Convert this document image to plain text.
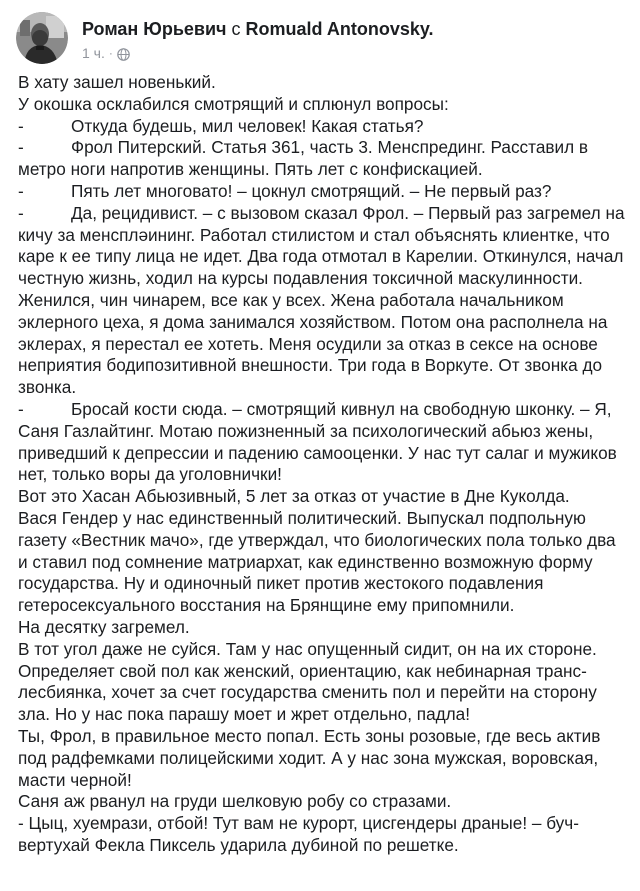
Роман Юрьевич с Romuald Antonovsky.
1 ч. ·

В хату зашел новенький.

У окошка осклабился смотрящий и сплюнул вопросы:

-	Откуда будешь, мил человек! Какая статья?

-	Фрол Питерский. Статья 361, часть 3. Менспрединг. Расставил в метро ноги напротив женщины. Пять лет с конфискацией.

-	Пять лет многовато! – цокнул смотрящий. – Не первый раз?

-	Да, рецидивист. – с вызовом сказал Фрол. – Первый раз загремел на кичу за менспләининг. Работал стилистом и стал объяснять клиентке, что каре к ее типу лица не идет. Два года отмотал в Карелии. Откинулся, начал честную жизнь, ходил на курсы подавления токсичной маскулинности. Женился, чин чинарем, все как у всех. Жена работала начальником эклерного цеха, я дома занимался хозяйством. Потом она располнела на эклерах, я перестал ее хотеть. Меня осудили за отказ в сексе на основе неприятия бодипозитивной внешности. Три года в Воркуте. От звонка до звонка.

-	Бросай кости сюда. – смотрящий кивнул на свободную шконку. – Я, Саня Газлайтинг. Мотаю пожизненный за психологический абьюз жены, приведший к депрессии и падению самооценки. У нас тут салаг и мужиков нет, только воры да уголовнички!

Вот это Хасан Абьюзивный, 5 лет за отказ от участие в Дне Куколда.

Вася Гендер у нас единственный политический. Выпускал подпольную газету «Вестник мачо», где утверждал, что биологических пола только два и ставил под сомнение матриархат, как единственно возможную форму государства. Ну и одиночный пикет против жестокого подавления гетеросексуального восстания на Брянщине ему припомнили.

На десятку загремел.

В тот угол даже не суйся. Там у нас опущенный сидит, он на их стороне. Определяет свой пол как женский, ориентацию, как небинарная транс-лесбиянка, хочет за счет государства сменить пол и перейти на сторону зла. Но у нас пока парашу моет и жрет отдельно, падла!

Ты, Фрол, в правильное место попал. Есть зоны розовые, где весь актив под радфемками полицейскими ходит. А у нас зона мужская, воровская, масти черной!

Саня аж рванул на груди шелковую робу со стразами.

- Цыц, хуемрази, отбой! Тут вам не курорт, цисгендеры драные! – буч-вертухай Фекла Пиксель ударила дубиной по решетке.
